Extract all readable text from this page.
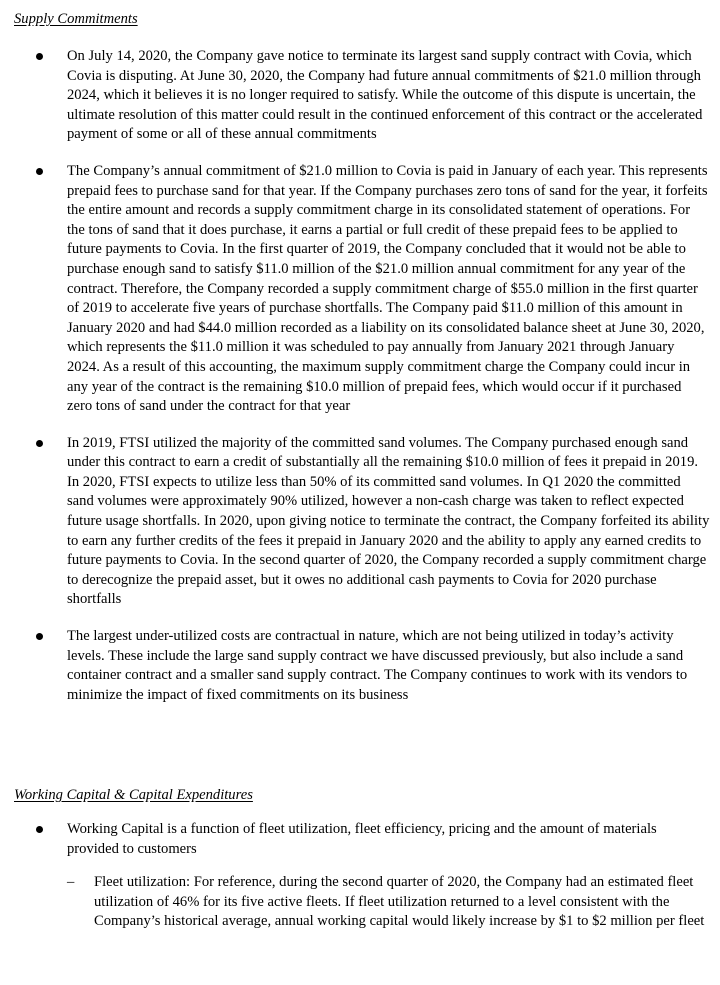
Supply Commitments
On July 14, 2020, the Company gave notice to terminate its largest sand supply contract with Covia, which Covia is disputing. At June 30, 2020, the Company had future annual commitments of $21.0 million through 2024, which it believes it is no longer required to satisfy. While the outcome of this dispute is uncertain, the ultimate resolution of this matter could result in the continued enforcement of this contract or the accelerated payment of some or all of these annual commitments
The Company’s annual commitment of $21.0 million to Covia is paid in January of each year. This represents prepaid fees to purchase sand for that year. If the Company purchases zero tons of sand for the year, it forfeits the entire amount and records a supply commitment charge in its consolidated statement of operations. For the tons of sand that it does purchase, it earns a partial or full credit of these prepaid fees to be applied to future payments to Covia. In the first quarter of 2019, the Company concluded that it would not be able to purchase enough sand to satisfy $11.0 million of the $21.0 million annual commitment for any year of the contract. Therefore, the Company recorded a supply commitment charge of $55.0 million in the first quarter of 2019 to accelerate five years of purchase shortfalls. The Company paid $11.0 million of this amount in January 2020 and had $44.0 million recorded as a liability on its consolidated balance sheet at June 30, 2020, which represents the $11.0 million it was scheduled to pay annually from January 2021 through January 2024. As a result of this accounting, the maximum supply commitment charge the Company could incur in any year of the contract is the remaining $10.0 million of prepaid fees, which would occur if it purchased zero tons of sand under the contract for that year
In 2019, FTSI utilized the majority of the committed sand volumes. The Company purchased enough sand under this contract to earn a credit of substantially all the remaining $10.0 million of fees it prepaid in 2019. In 2020, FTSI expects to utilize less than 50% of its committed sand volumes. In Q1 2020 the committed sand volumes were approximately 90% utilized, however a non-cash charge was taken to reflect expected future usage shortfalls. In 2020, upon giving notice to terminate the contract, the Company forfeited its ability to earn any further credits of the fees it prepaid in January 2020 and the ability to apply any earned credits to future payments to Covia. In the second quarter of 2020, the Company recorded a supply commitment charge to derecognize the prepaid asset, but it owes no additional cash payments to Covia for 2020 purchase shortfalls
The largest under-utilized costs are contractual in nature, which are not being utilized in today’s activity levels. These include the large sand supply contract we have discussed previously, but also include a sand container contract and a smaller sand supply contract. The Company continues to work with its vendors to minimize the impact of fixed commitments on its business
Working Capital & Capital Expenditures
Working Capital is a function of fleet utilization, fleet efficiency, pricing and the amount of materials provided to customers
– Fleet utilization: For reference, during the second quarter of 2020, the Company had an estimated fleet utilization of 46% for its five active fleets. If fleet utilization returned to a level consistent with the Company’s historical average, annual working capital would likely increase by $1 to $2 million per fleet
